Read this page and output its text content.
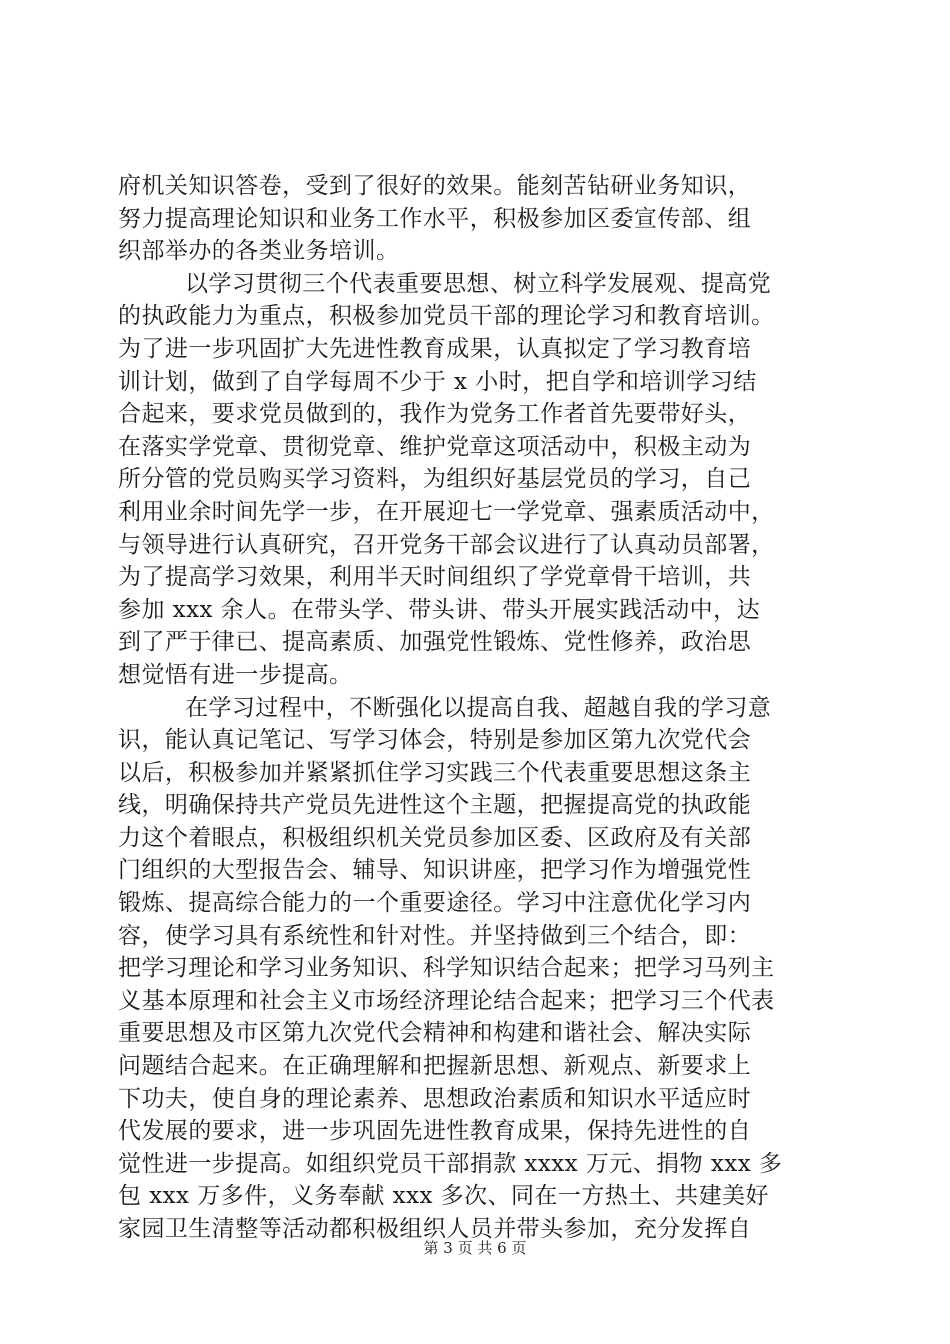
府机关知识答卷，受到了很好的效果。能刻苦钻研业务知识，
努力提高理论知识和业务工作水平，积极参加区委宣传部、组
织部举办的各类业务培训。
以学习贯彻三个代表重要思想、树立科学发展观、提高党
的执政能力为重点，积极参加党员干部的理论学习和教育培训。
为了进一步巩固扩大先进性教育成果，认真拟定了学习教育培
训计划，做到了自学每周不少于 x 小时，把自学和培训学习结
合起来，要求党员做到的，我作为党务工作者首先要带好头，
在落实学党章、贯彻党章、维护党章这项活动中，积极主动为
所分管的党员购买学习资料，为组织好基层党员的学习，自己
利用业余时间先学一步，在开展迎七一学党章、强素质活动中，
与领导进行认真研究，召开党务干部会议进行了认真动员部署，
为了提高学习效果，利用半天时间组织了学党章骨干培训，共
参加 xxx 余人。在带头学、带头讲、带头开展实践活动中，达
到了严于律已、提高素质、加强党性锻炼、党性修养，政治思
想觉悟有进一步提高。
在学习过程中，不断强化以提高自我、超越自我的学习意
识，能认真记笔记、写学习体会，特别是参加区第九次党代会
以后，积极参加并紧紧抓住学习实践三个代表重要思想这条主
线，明确保持共产党员先进性这个主题，把握提高党的执政能
力这个着眼点，积极组织机关党员参加区委、区政府及有关部
门组织的大型报告会、辅导、知识讲座，把学习作为增强党性
锻炼、提高综合能力的一个重要途径。学习中注意优化学习内
容，使学习具有系统性和针对性。并坚持做到三个结合，即：
把学习理论和学习业务知识、科学知识结合起来；把学习马列主
义基本原理和社会主义市场经济理论结合起来；把学习三个代表
重要思想及市区第九次党代会精神和构建和谐社会、解决实际
问题结合起来。在正确理解和把握新思想、新观点、新要求上
下功夫，使自身的理论素养、思想政治素质和知识水平适应时
代发展的要求，进一步巩固先进性教育成果，保持先进性的自
觉性进一步提高。如组织党员干部捐款 xxxx 万元、捐物 xxx 多
包 xxx 万多件，义务奉献 xxx 多次、同在一方热土、共建美好
家园卫生清整等活动都积极组织人员并带头参加，充分发挥自
第 3 页 共 6 页
